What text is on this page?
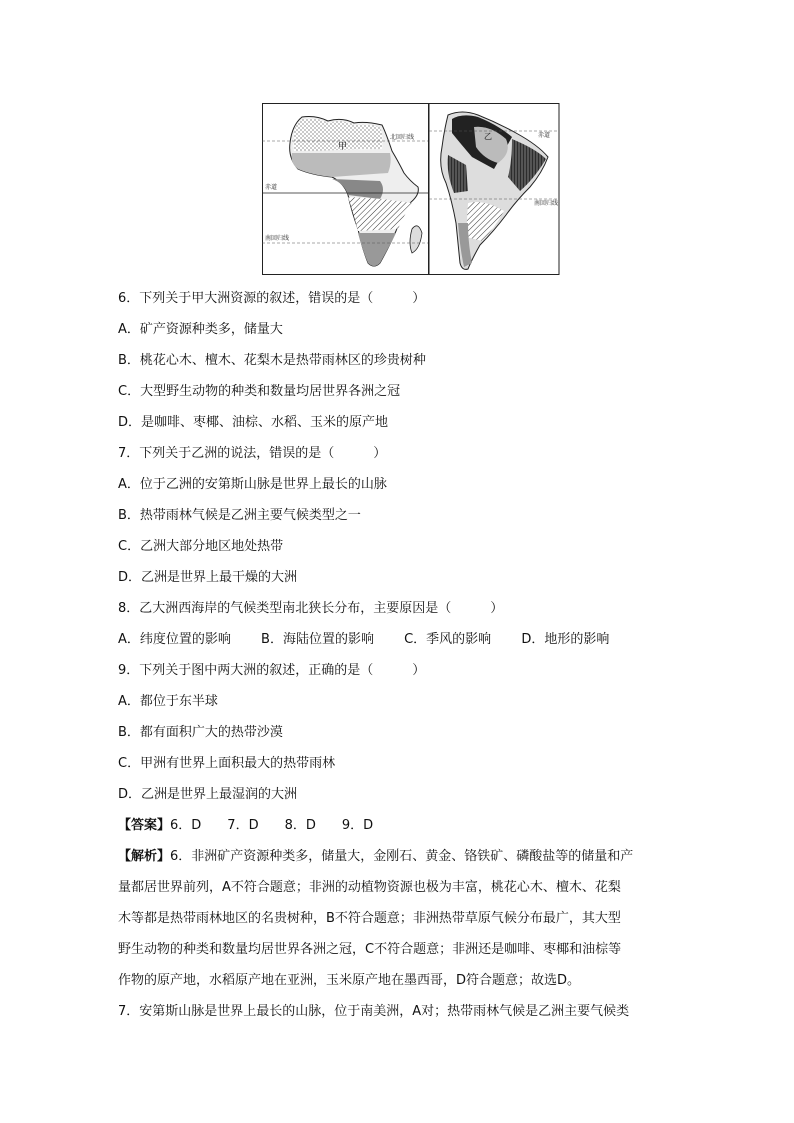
甲
北回归线
赤道
南回归线
乙	赤道
南回归线
6．下列关于甲大洲资源的叙述，错误的是（　　　）
A．矿产资源种类多，储量大
B．桃花心木、檀木、花梨木是热带雨林区的珍贵树种
C．大型野生动物的种类和数量均居世界各洲之冠
D．是咖啡、枣椰、油棕、水稻、玉米的原产地
7．下列关于乙洲的说法，错误的是（　　　）
A．位于乙洲的安第斯山脉是世界上最长的山脉
B．热带雨林气候是乙洲主要气候类型之一
C．乙洲大部分地区地处热带
D．乙洲是世界上最干燥的大洲
8．乙大洲西海岸的气候类型南北狭长分布，主要原因是（　　　）
A．纬度位置的影响 B．海陆位置的影响 C．季风的影响 D．地形的影响
9．下列关于图中两大洲的叙述，正确的是（　　　）
A．都位于东半球
B．都有面积广大的热带沙漠
C．甲洲有世界上面积最大的热带雨林
D．乙洲是世界上最湿润的大洲
【答案】6．D　　7．D　　8．D　　9．D
【解析】6．非洲矿产资源种类多，储量大，金刚石、黄金、铬铁矿、磷酸盐等的储量和产
量都居世界前列，A不符合题意；非洲的动植物资源也极为丰富，桃花心木、檀木、花梨
木等都是热带雨林地区的名贵树种，B不符合题意；非洲热带草原气候分布最广，其大型
野生动物的种类和数量均居世界各洲之冠，C不符合题意；非洲还是咖啡、枣椰和油棕等
作物的原产地，水稻原产地在亚洲，玉米原产地在墨西哥，D符合题意；故选D。
7．安第斯山脉是世界上最长的山脉，位于南美洲，A对；热带雨林气候是乙洲主要气候类
